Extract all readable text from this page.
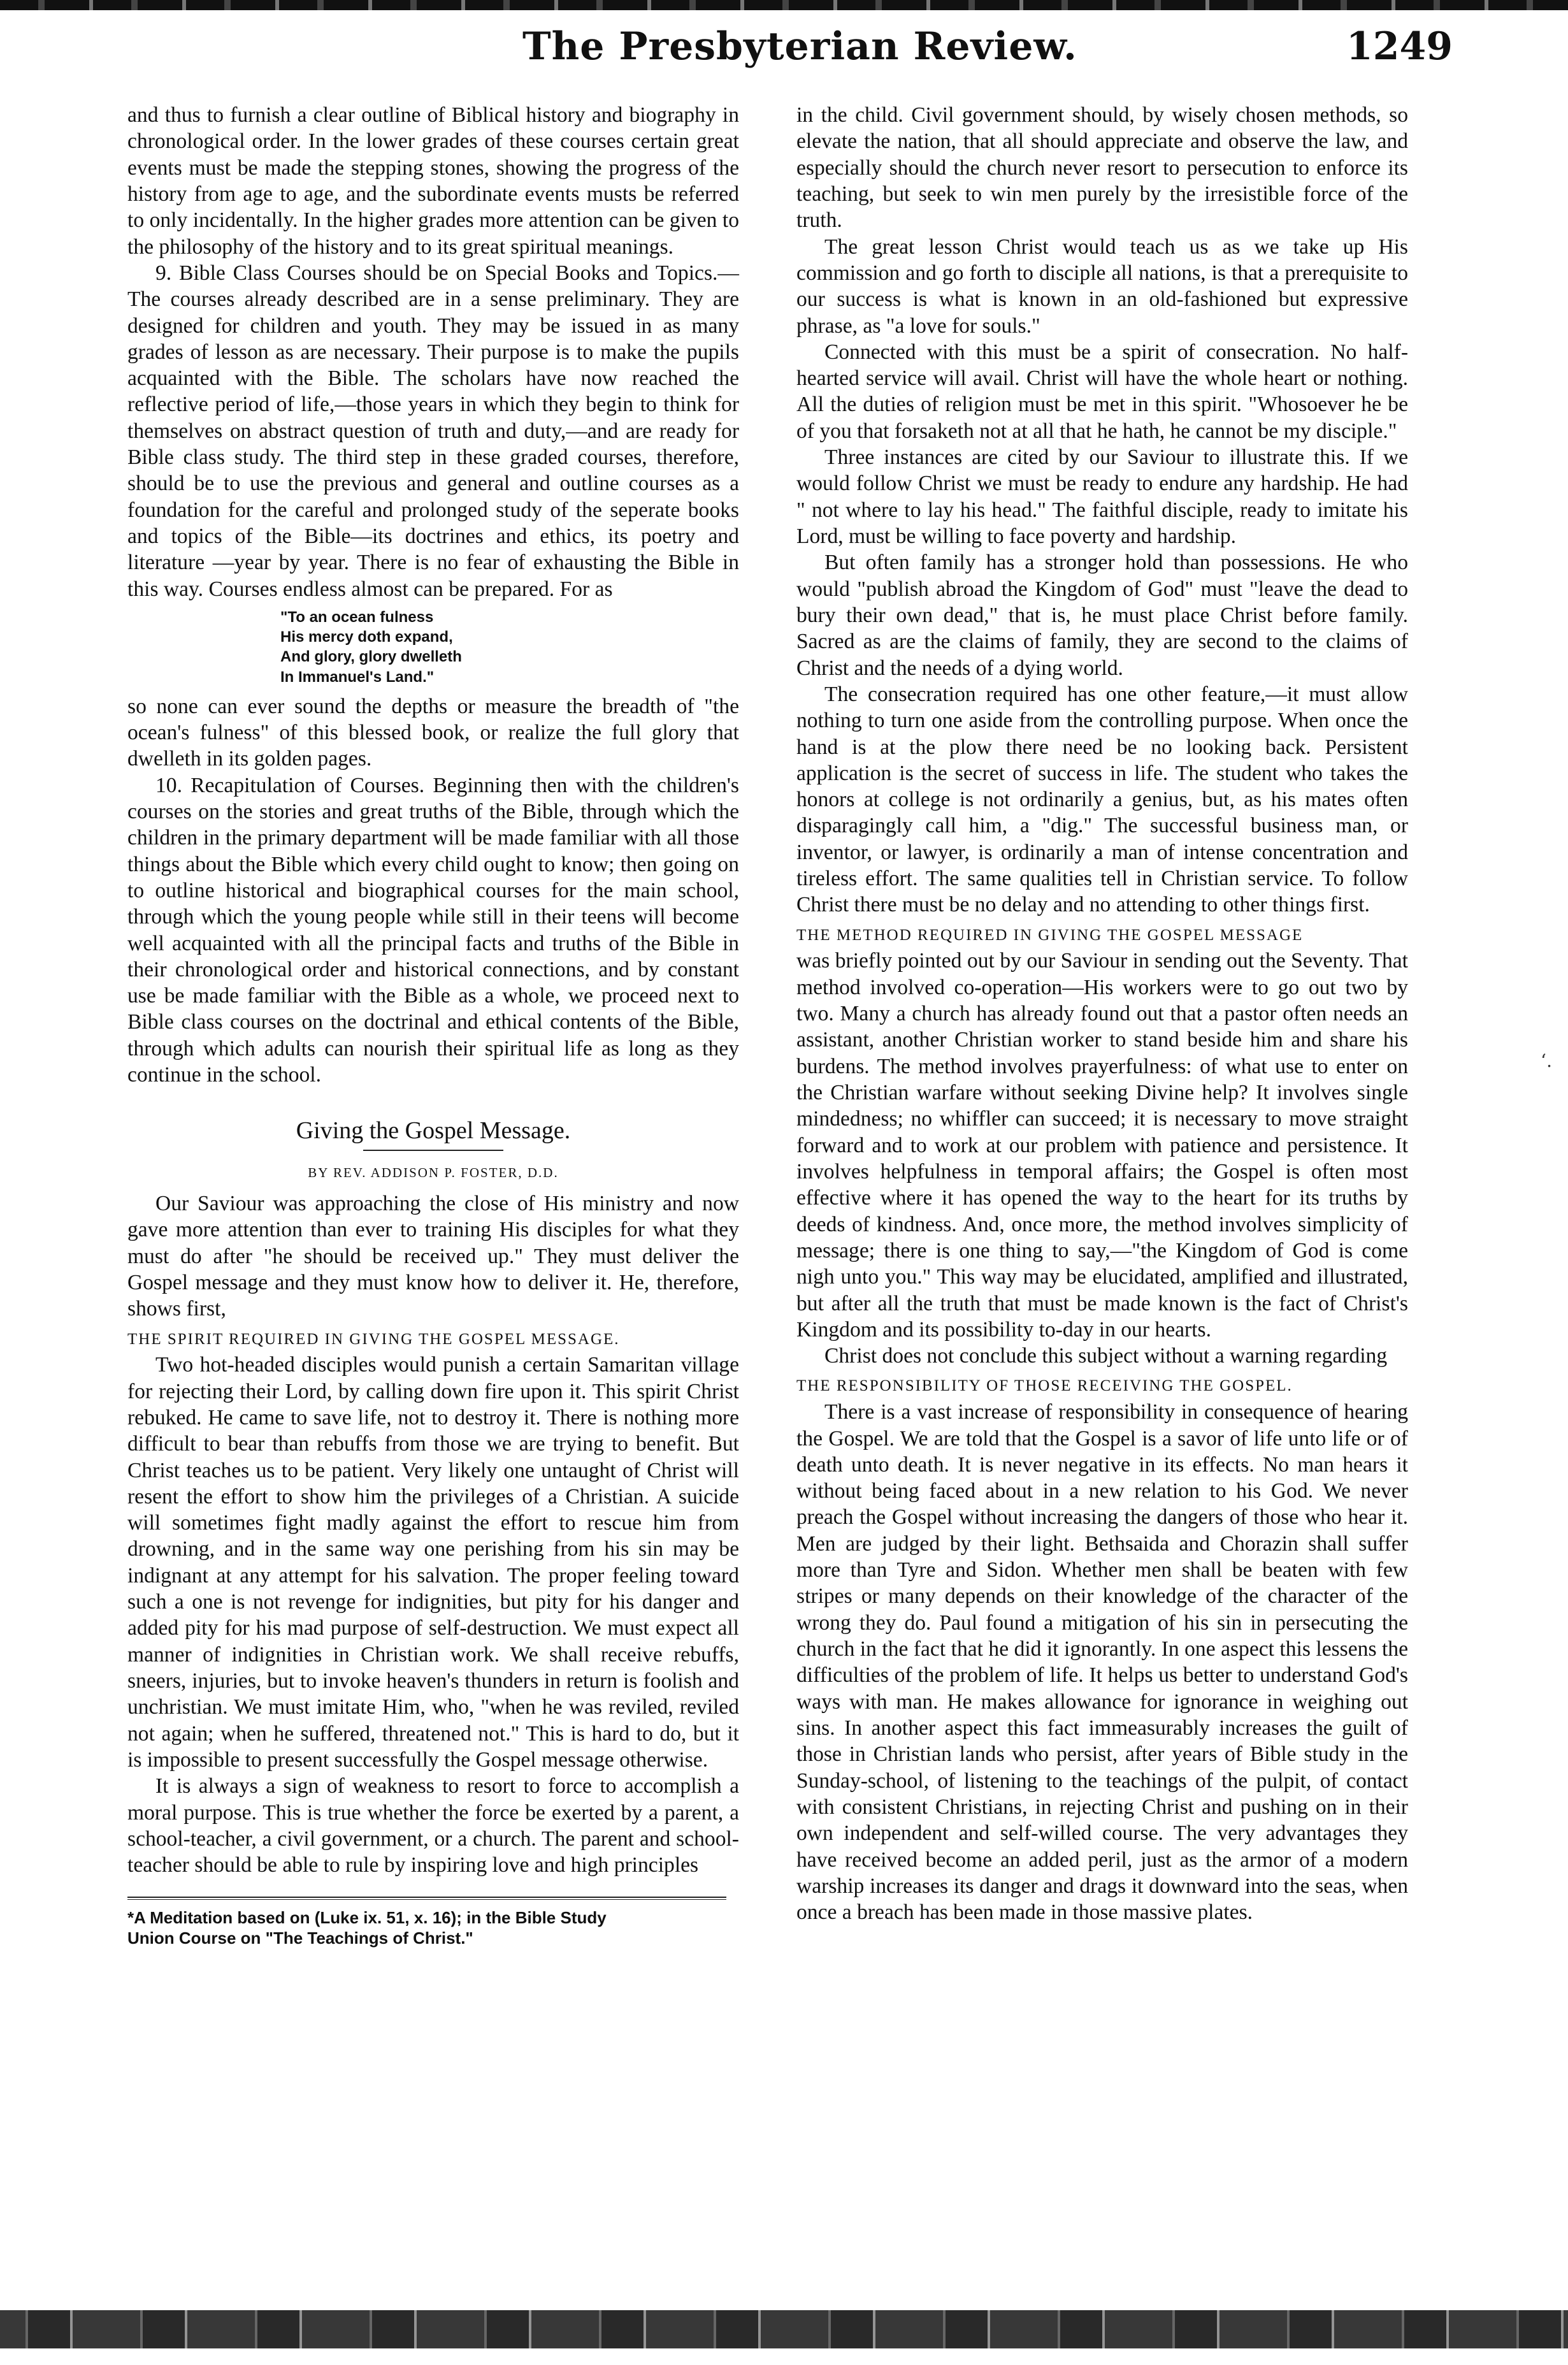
The Presbyterian Review.	1249

and thus to furnish a clear outline of Biblical history and biography in chronological order. In the lower grades of these courses certain great events must be made the stepping stones, showing the progress of the history from age to age, and the subordinate events musts be referred to only incidentally. In the higher grades more attention can be given to the philosophy of the history and to its great spiritual meanings.

9. Bible Class Courses should be on Special Books and Topics.—The courses already described are in a sense preliminary. They are designed for children and youth. They may be issued in as many grades of lesson as are necessary. Their purpose is to make the pupils acquainted with the Bible. The scholars have now reached the reflective period of life,—those years in which they begin to think for themselves on abstract question of truth and duty,—and are ready for Bible class study. The third step in these graded courses, therefore, should be to use the previous and general and outline courses as a foundation for the careful and prolonged study of the seperate books and topics of the Bible—its doctrines and ethics, its poetry and literature —year by year. There is no fear of exhausting the Bible in this way. Courses endless almost can be prepared. For as

"To an ocean fulness
His mercy doth expand,
And glory, glory dwelleth
In Immanuel's Land."

so none can ever sound the depths or measure the breadth of "the ocean's fulness" of this blessed book, or realize the full glory that dwelleth in its golden pages.

10. Recapitulation of Courses. Beginning then with the children's courses on the stories and great truths of the Bible, through which the children in the primary department will be made familiar with all those things about the Bible which every child ought to know; then going on to outline historical and biographical courses for the main school, through which the young people while still in their teens will become well acquainted with all the principal facts and truths of the Bible in their chronological order and historical connections, and by constant use be made familiar with the Bible as a whole, we proceed next to Bible class courses on the doctrinal and ethical contents of the Bible, through which adults can nourish their spiritual life as long as they continue in the school.

Giving the Gospel Message.
BY REV. ADDISON P. FOSTER, D.D.

Our Saviour was approaching the close of His ministry and now gave more attention than ever to training His disciples for what they must do after "he should be received up." They must deliver the Gospel message and they must know how to deliver it. He, therefore, shows first,

THE SPIRIT REQUIRED IN GIVING THE GOSPEL MESSAGE.

Two hot-headed disciples would punish a certain Samaritan village for rejecting their Lord, by calling down fire upon it. This spirit Christ rebuked. He came to save life, not to destroy it. There is nothing more difficult to bear than rebuffs from those we are trying to benefit. But Christ teaches us to be patient. Very likely one untaught of Christ will resent the effort to show him the privileges of a Christian. A suicide will sometimes fight madly against the effort to rescue him from drowning, and in the same way one perishing from his sin may be indignant at any attempt for his salvation. The proper feeling toward such a one is not revenge for indignities, but pity for his danger and added pity for his mad purpose of self-destruction. We must expect all manner of indignities in Christian work. We shall receive rebuffs, sneers, injuries, but to invoke heaven's thunders in return is foolish and unchristian. We must imitate Him, who, "when he was reviled, reviled not again; when he suffered, threatened not." This is hard to do, but it is impossible to present successfully the Gospel message otherwise.

It is always a sign of weakness to resort to force to accomplish a moral purpose. This is true whether the force be exerted by a parent, a school-teacher, a civil government, or a church. The parent and school-teacher should be able to rule by inspiring love and high principles

*A Meditation based on (Luke ix. 51, x. 16); in the Bible Study
Union Course on "The Teachings of Christ."

in the child. Civil government should, by wisely chosen methods, so elevate the nation, that all should appreciate and observe the law, and especially should the church never resort to persecution to enforce its teaching, but seek to win men purely by the irresistible force of the truth.

The great lesson Christ would teach us as we take up His commission and go forth to disciple all nations, is that a prerequisite to our success is what is known in an old-fashioned but expressive phrase, as "a love for souls."

Connected with this must be a spirit of consecration. No half-hearted service will avail. Christ will have the whole heart or nothing. All the duties of religion must be met in this spirit. "Whosoever he be of you that forsaketh not at all that he hath, he cannot be my disciple."

Three instances are cited by our Saviour to illustrate this. If we would follow Christ we must be ready to endure any hardship. He had " not where to lay his head." The faithful disciple, ready to imitate his Lord, must be willing to face poverty and hardship.

But often family has a stronger hold than possessions. He who would "publish abroad the Kingdom of God" must "leave the dead to bury their own dead," that is, he must place Christ before family. Sacred as are the claims of family, they are second to the claims of Christ and the needs of a dying world.

The consecration required has one other feature,—it must allow nothing to turn one aside from the controlling purpose. When once the hand is at the plow there need be no looking back. Persistent application is the secret of success in life. The student who takes the honors at college is not ordinarily a genius, but, as his mates often disparagingly call him, a "dig." The successful business man, or inventor, or lawyer, is ordinarily a man of intense concentration and tireless effort. The same qualities tell in Christian service. To follow Christ there must be no delay and no attending to other things first.

THE METHOD REQUIRED IN GIVING THE GOSPEL MESSAGE

was briefly pointed out by our Saviour in sending out the Seventy. That method involved co-operation—His workers were to go out two by two. Many a church has already found out that a pastor often needs an assistant, another Christian worker to stand beside him and share his burdens. The method involves prayerfulness: of what use to enter on the Christian warfare without seeking Divine help? It involves single mindedness; no whiffler can succeed; it is necessary to move straight forward and to work at our problem with patience and persistence. It involves helpfulness in temporal affairs; the Gospel is often most effective where it has opened the way to the heart for its truths by deeds of kindness. And, once more, the method involves simplicity of message; there is one thing to say,—"the Kingdom of God is come nigh unto you." This way may be elucidated, amplified and illustrated, but after all the truth that must be made known is the fact of Christ's Kingdom and its possibility to-day in our hearts.

Christ does not conclude this subject without a warning regarding

THE RESPONSIBILITY OF THOSE RECEIVING THE GOSPEL.

There is a vast increase of responsibility in consequence of hearing the Gospel. We are told that the Gospel is a savor of life unto life or of death unto death. It is never negative in its effects. No man hears it without being faced about in a new relation to his God. We never preach the Gospel without increasing the dangers of those who hear it. Men are judged by their light. Bethsaida and Chorazin shall suffer more than Tyre and Sidon. Whether men shall be beaten with few stripes or many depends on their knowledge of the character of the wrong they do. Paul found a mitigation of his sin in persecuting the church in the fact that he did it ignorantly. In one aspect this lessens the difficulties of the problem of life. It helps us better to understand God's ways with man. He makes allowance for ignorance in weighing out sins. In another aspect this fact immeasurably increases the guilt of those in Christian lands who persist, after years of Bible study in the Sunday-school, of listening to the teachings of the pulpit, of contact with consistent Christians, in rejecting Christ and pushing on in their own independent and self-willed course. The very advantages they have received become an added peril, just as the armor of a modern warship increases its danger and drags it downward into the seas, when once a breach has been made in those massive plates.

‘․
